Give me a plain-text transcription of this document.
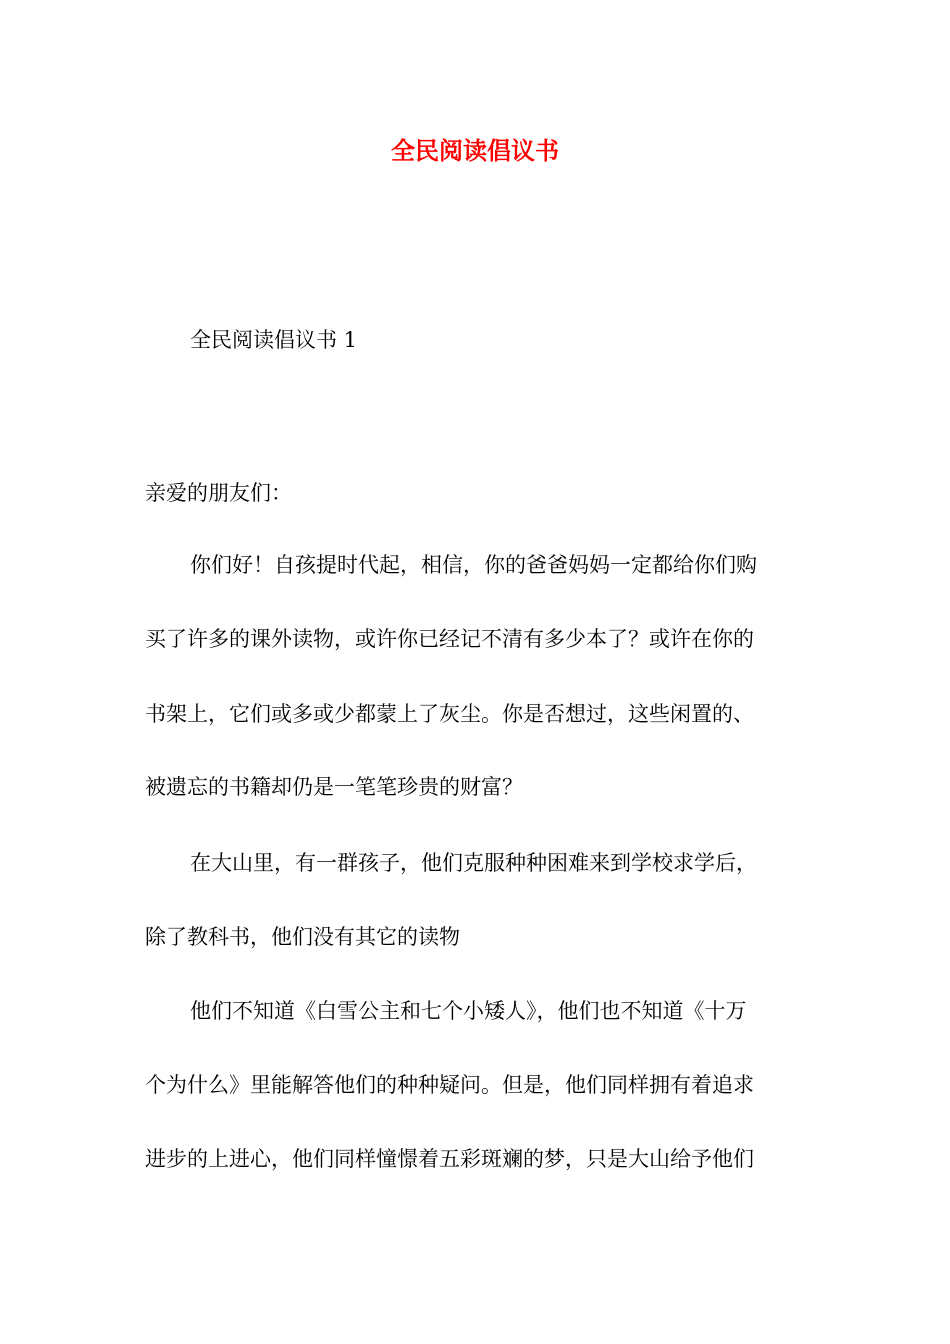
全民阅读倡议书
全民阅读倡议书 1
亲爱的朋友们：
你们好！自孩提时代起，相信，你的爸爸妈妈一定都给你们购
买了许多的课外读物，或许你已经记不清有多少本了？或许在你的
书架上，它们或多或少都蒙上了灰尘。你是否想过，这些闲置的、
被遗忘的书籍却仍是一笔笔珍贵的财富？
在大山里，有一群孩子，他们克服种种困难来到学校求学后，
除了教科书，他们没有其它的读物
他们不知道《白雪公主和七个小矮人》，他们也不知道《十万
个为什么》里能解答他们的种种疑问。但是，他们同样拥有着追求
进步的上进心，他们同样憧憬着五彩斑斓的梦，只是大山给予他们
